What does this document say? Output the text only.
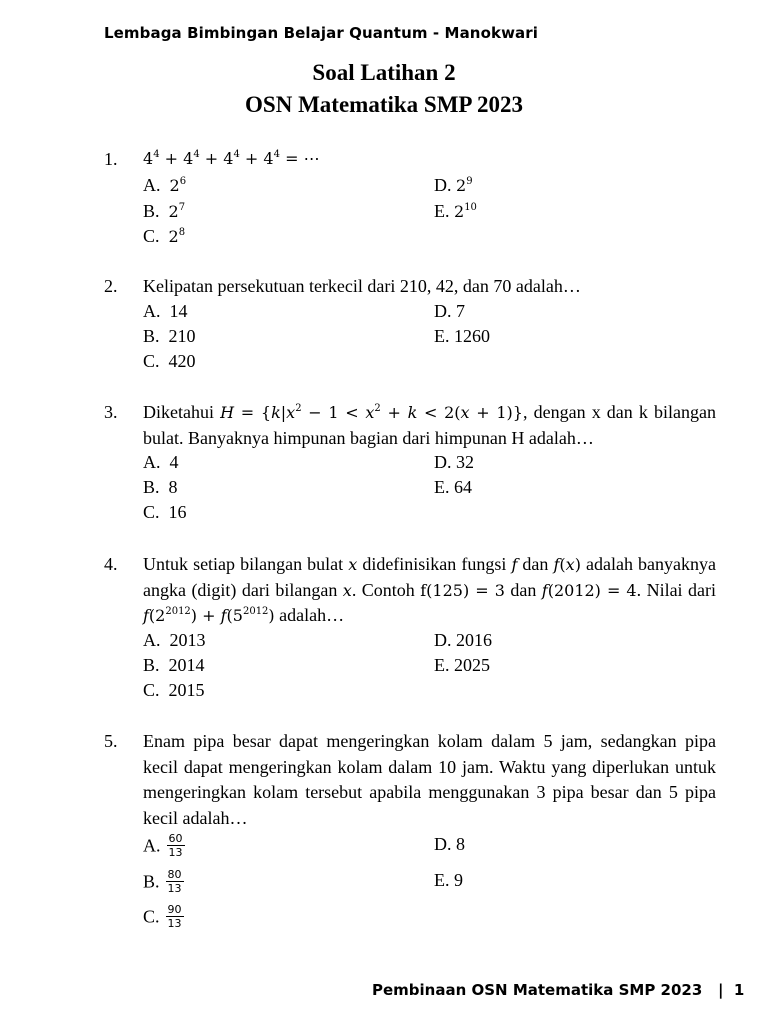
Lembaga Bimbingan Belajar Quantum - Manokwari
Soal Latihan 2
OSN Matematika SMP 2023
1. $4^4 + 4^4 + 4^4 + 4^4$ = ⋯
A. $2^6$
B. $2^7$
C. $2^8$
D. $2^9$
E. $2^{10}$
2. Kelipatan persekutuan terkecil dari 210, 42, dan 70 adalah…
A. 14
B. 210
C. 420
D. 7
E. 1260
3. Diketahui $H = \{k|x^2 - 1 < x^2 + k < 2(x + 1)\}$, dengan x dan k bilangan bulat. Banyaknya himpunan bagian dari himpunan H adalah…
A. 4
B. 8
C. 16
D. 32
E. 64
4. Untuk setiap bilangan bulat x didefinisikan fungsi f dan f(x) adalah banyaknya angka (digit) dari bilangan x. Contoh f(125) = 3 dan f(2012) = 4. Nilai dari $f(2^{2012}) + f(5^{2012})$ adalah…
A. 2013
B. 2014
C. 2015
D. 2016
E. 2025
5. Enam pipa besar dapat mengeringkan kolam dalam 5 jam, sedangkan pipa kecil dapat mengeringkan kolam dalam 10 jam. Waktu yang diperlukan untuk mengeringkan kolam tersebut apabila menggunakan 3 pipa besar dan 5 pipa kecil adalah…
A. $\frac{60}{13}$
B. $\frac{80}{13}$
C. $\frac{90}{13}$
D. 8
E. 9
Pembinaan OSN Matematika SMP 2023   |  1
